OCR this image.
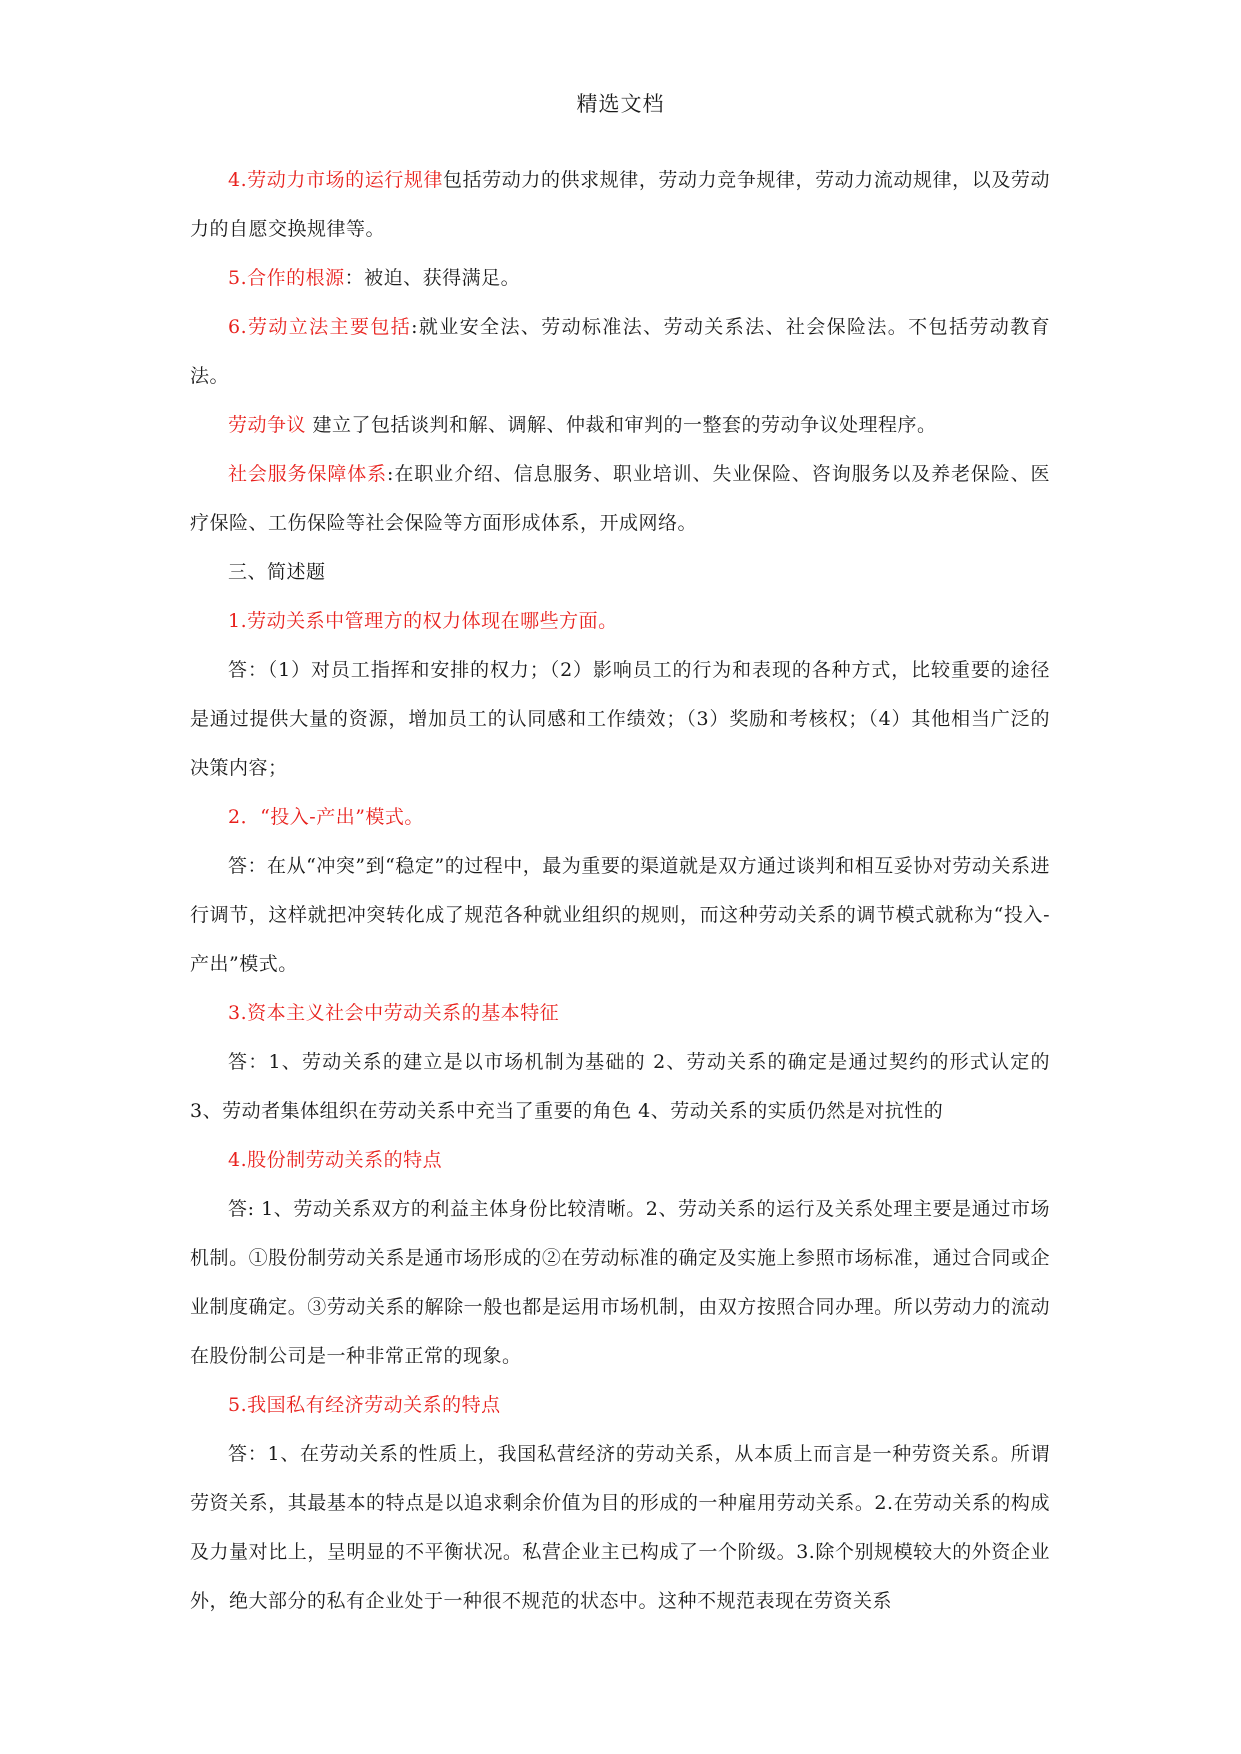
精选文档

4.劳动力市场的运行规律包括劳动力的供求规律，劳动力竞争规律，劳动力流动规律，以及劳动力的自愿交换规律等。

5.合作的根源：被迫、获得满足。

6.劳动立法主要包括:就业安全法、劳动标准法、劳动关系法、社会保险法。不包括劳动教育法。

劳动争议 建立了包括谈判和解、调解、仲裁和审判的一整套的劳动争议处理程序。

社会服务保障体系:在职业介绍、信息服务、职业培训、失业保险、咨询服务以及养老保险、医疗保险、工伤保险等社会保险等方面形成体系，开成网络。

三、简述题

1.劳动关系中管理方的权力体现在哪些方面。

答：（1）对员工指挥和安排的权力；（2）影响员工的行为和表现的各种方式，比较重要的途径是通过提供大量的资源，增加员工的认同感和工作绩效；（3）奖励和考核权；（4）其他相当广泛的决策内容；

2．“投入-产出”模式。

答：在从“冲突”到“稳定”的过程中，最为重要的渠道就是双方通过谈判和相互妥协对劳动关系进行调节，这样就把冲突转化成了规范各种就业组织的规则，而这种劳动关系的调节模式就称为“投入-产出”模式。

3.资本主义社会中劳动关系的基本特征

答：1、劳动关系的建立是以市场机制为基础的 2、劳动关系的确定是通过契约的形式认定的 3、劳动者集体组织在劳动关系中充当了重要的角色 4、劳动关系的实质仍然是对抗性的

4.股份制劳动关系的特点

答: 1、劳动关系双方的利益主体身份比较清晰。2、劳动关系的运行及关系处理主要是通过市场机制。①股份制劳动关系是通市场形成的②在劳动标准的确定及实施上参照市场标准，通过合同或企业制度确定。③劳动关系的解除一般也都是运用市场机制，由双方按照合同办理。所以劳动力的流动在股份制公司是一种非常正常的现象。

5.我国私有经济劳动关系的特点

答：1、在劳动关系的性质上，我国私营经济的劳动关系，从本质上而言是一种劳资关系。所谓劳资关系，其最基本的特点是以追求剩余价值为目的形成的一种雇用劳动关系。2.在劳动关系的构成及力量对比上，呈明显的不平衡状况。私营企业主已构成了一个阶级。3.除个别规模较大的外资企业外，绝大部分的私有企业处于一种很不规范的状态中。这种不规范表现在劳资关系
